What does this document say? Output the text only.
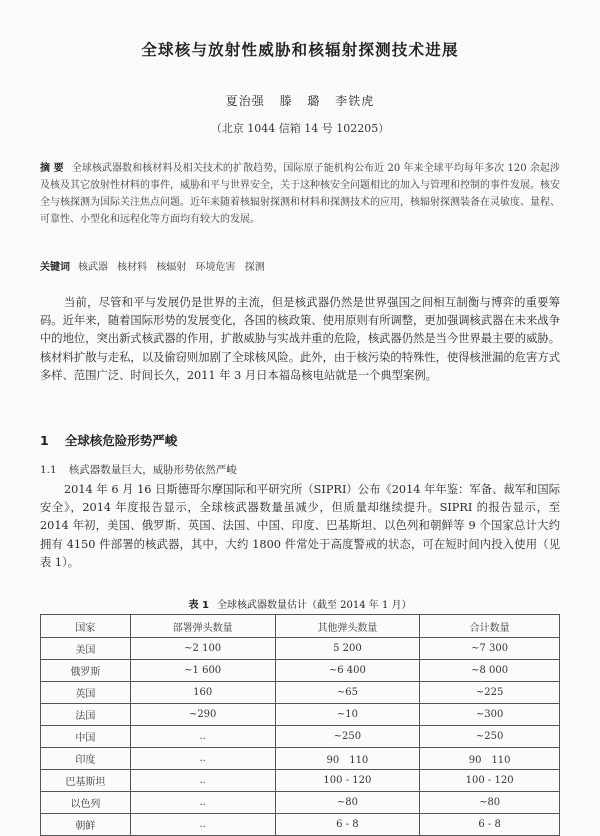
全球核与放射性威胁和核辐射探测技术进展
夏治强 滕 璐 李铁虎
（北京 1044 信箱 14 号 102205）
摘 要 全球核武器数和核材料及相关技术的扩散趋势，国际原子能机构公布近 20 年来全球平均每年多次 120 余起涉及核及其它放射性材料的事件，威胁和平与世界安全，关于这种核安全问题相比的加入与管理和控制的事件发展。核安全与核探测为国际关注焦点问题。近年来随着核辐射探测和材料和探测技术的应用，核辐射探测装备在灵敏度、量程、可靠性、小型化和远程化等方面均有较大的发展。
关键词 核武器 核材料 核辐射 环境危害 探测
当前，尽管和平与发展仍是世界的主流，但是核武器仍然是世界强国之间相互制衡与博弈的重要筹码。近年来，随着国际形势的发展变化，各国的核政策、使用原则有所调整，更加强调核武器在未来战争中的地位，突出新式核武器的作用，扩散威胁与实战并重的危险，核武器仍然是当今世界最主要的威胁。核材料扩散与走私，以及偷窃则加剧了全球核风险。此外，由于核污染的特殊性，使得核泄漏的危害方式多样、范围广泛、时间长久，2011 年 3 月日本福岛核电站就是一个典型案例。
1 全球核危险形势严峻
1.1 核武器数量巨大，威胁形势依然严峻
2014 年 6 月 16 日斯德哥尔摩国际和平研究所（SIPRI）公布《2014 年年鉴：军备、裁军和国际安全》，2014 年度报告显示，全球核武器数量虽减少，但质量却继续提升。SIPRI 的报告显示，至 2014 年初，美国、俄罗斯、英国、法国、中国、印度、巴基斯坦、以色列和朝鲜等 9 个国家总计大约拥有 4150 件部署的核武器，其中，大约 1800 件常处于高度警戒的状态，可在短时间内投入使用（见表 1）。
表 1 全球核武器数量估计（截至 2014 年 1 月）
国家	部署弹头数量	其他弹头数量	合计数量
美国	~2 100	5 200	~7 300
俄罗斯	~1 600	~6 400	~8 000
英国	160	~65	~225
法国	~290	~10	~300
中国	..	~250	~250
印度	..	90　110	90　110
巴基斯坦	..	100 - 120	100 - 120
以色列	..	~80	~80
朝鲜	..	6 - 8	6 - 8
